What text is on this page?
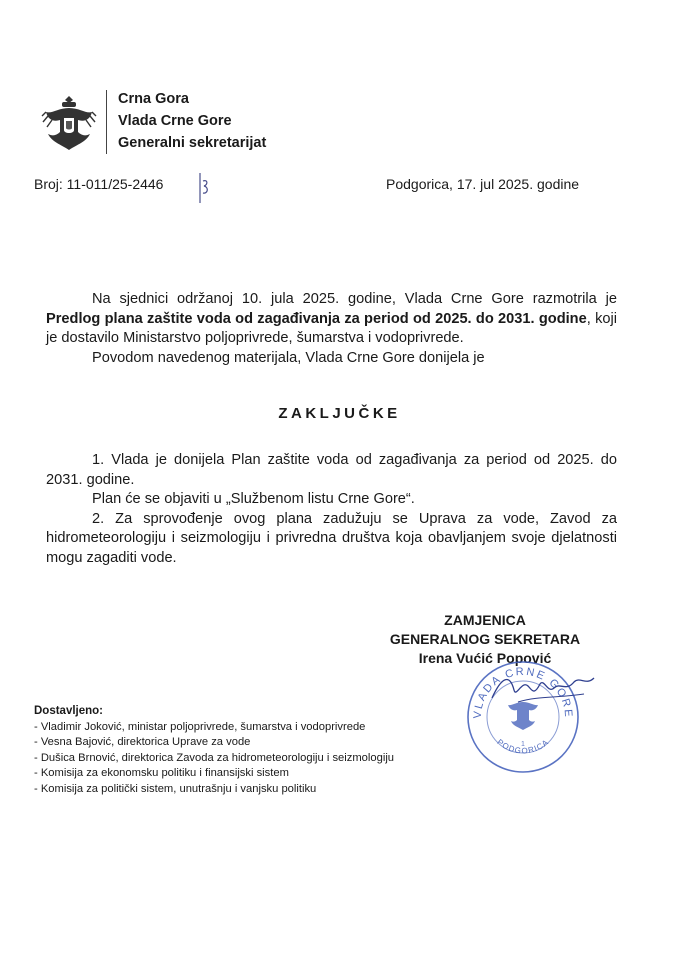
Crna Gora
Vlada Crne Gore
Generalni sekretarijat
Broj: 11-011/25-2446	Podgorica, 17. jul 2025. godine

Na sjednici održanoj 10. jula 2025. godine, Vlada Crne Gore razmotrila je Predlog plana zaštite voda od zagađivanja za period od 2025. do 2031. godine, koji je dostavilo Ministarstvo poljoprivrede, šumarstva i vodoprivrede.

Povodom navedenog materijala, Vlada Crne Gore donijela je

ZAKLJUČKE

1. Vlada je donijela Plan zaštite voda od zagađivanja za period od 2025. do 2031. godine.

Plan će se objaviti u „Službenom listu Crne Gore“.

2. Za sprovođenje ovog plana zadužuju se Uprava za vode, Zavod za hidrometeorologiju i seizmologiju i privredna društva koja obavljanjem svoje djelatnosti mogu zagaditi vode.

ZAMJENICA
GENERALNOG SEKRETARA
Irena Vućić Popović
VLADA CRNE GORE
PODGORICA
1
Dostavljeno:
- Vladimir Joković, ministar poljoprivrede, šumarstva i vodoprivrede
- Vesna Bajović, direktorica Uprave za vode
- Dušica Brnović, direktorica Zavoda za hidrometeorologiju i seizmologiju
- Komisija za ekonomsku politiku i finansijski sistem
- Komisija za politički sistem, unutrašnju i vanjsku politiku
